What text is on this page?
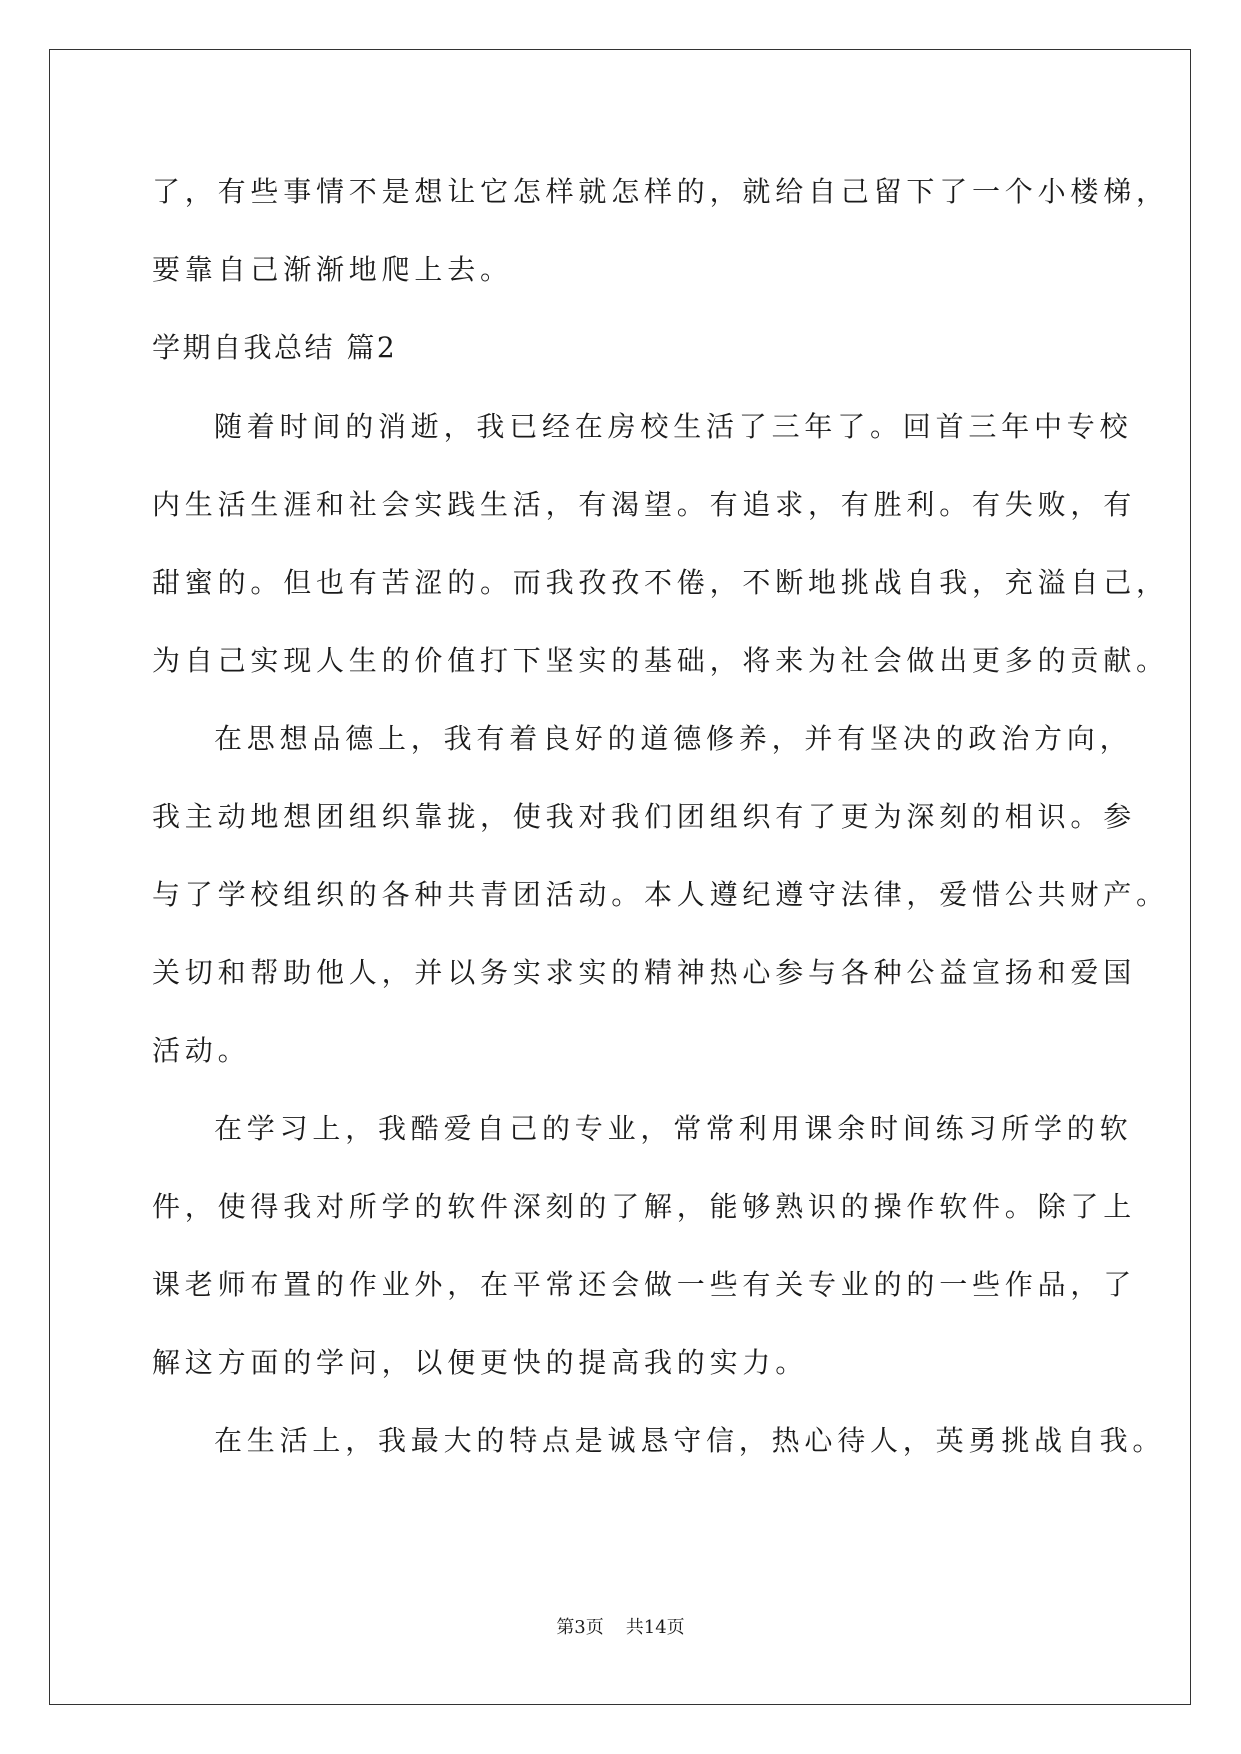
了，有些事情不是想让它怎样就怎样的，就给自己留下了一个小楼梯，
要靠自己渐渐地爬上去。
学期自我总结 篇2
随着时间的消逝，我已经在房校生活了三年了。回首三年中专校
内生活生涯和社会实践生活，有渴望。有追求，有胜利。有失败，有
甜蜜的。但也有苦涩的。而我孜孜不倦，不断地挑战自我，充溢自己，
为自己实现人生的价值打下坚实的基础，将来为社会做出更多的贡献。
在思想品德上，我有着良好的道德修养，并有坚决的政治方向，
我主动地想团组织靠拢，使我对我们团组织有了更为深刻的相识。参
与了学校组织的各种共青团活动。本人遵纪遵守法律，爱惜公共财产。
关切和帮助他人，并以务实求实的精神热心参与各种公益宣扬和爱国
活动。
在学习上，我酷爱自己的专业，常常利用课余时间练习所学的软
件，使得我对所学的软件深刻的了解，能够熟识的操作软件。除了上
课老师布置的作业外，在平常还会做一些有关专业的的一些作品，了
解这方面的学问，以便更快的提高我的实力。
在生活上，我最大的特点是诚恳守信，热心待人，英勇挑战自我。
第3页 共14页
